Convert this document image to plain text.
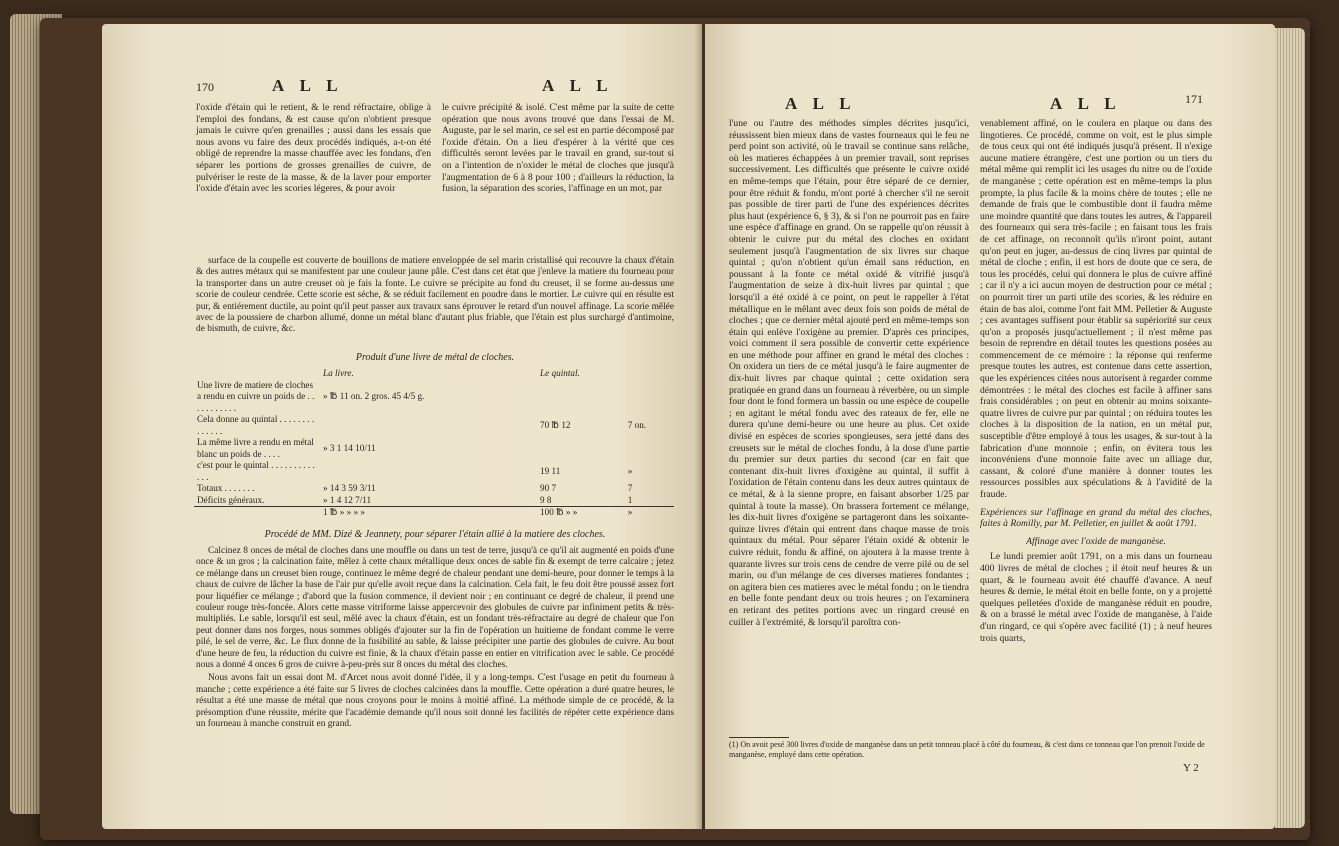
170	A L L	A L L

l'oxide d'étain qui le retient, & le rend réfractaire, oblige à l'emploi des fondans, & est cause qu'on n'obtient presque jamais le cuivre qu'en grenailles ; aussi dans les essais que nous avons vu faire des deux procédés indiqués, a-t-on été obligé de reprendre la masse chauffée avec les fondans, d'en séparer les portions de grosses grenailles de cuivre, de pulvériser le reste de la masse, & de la laver pour emporter l'oxide d'étain avec les scories légeres, & pour avoir

le cuivre précipité & isolé. C'est même par la suite de cette opération que nous avons trouvé que dans l'essai de M. Auguste, par le sel marin, ce sel est en partie décomposé par l'oxide d'étain. On a lieu d'espérer à la vérité que ces difficultés seront levées par le travail en grand, sur-tout si on a l'intention de n'oxider le métal de cloches que jusqu'à l'augmentation de 6 à 8 pour 100 ; d'ailleurs la réduction, la fusion, la séparation des scories, l'affinage en un mot, par

surface de la coupelle est couverte de bouillons de matiere enveloppée de sel marin cristallisé qui recouvre la chaux d'étain & des autres métaux qui se manifestent par une couleur jaune pâle. C'est dans cet état que j'enleve la matiere du fourneau pour la transporter dans un autre creuset où je fais la fonte. Le cuivre se précipite au fond du creuset, il se forme au-dessus une scorie de couleur cendrée. Cette scorie est séche, & se réduit facilement en poudre dans le mortier. Le cuivre qui en résulte est pur, & entiérement ductile, au point qu'il peut passer aux travaux sans éprouver le retard d'un nouvel affinage. La scorie mêlée avec de la poussiere de charbon allumé, donne un métal blanc d'autant plus friable, que l'étain est plus surchargé d'antimoine, de bismuth, de cuivre, &c.

Produit d'une livre de métal de cloches.
	La livre.	Le quintal.	
Une livre de matiere de cloches a rendu en cuivre un poids de . . . . . . . . . . .	» ℔ 11 on. 2 gros. 45 4/5 g.		
Cela donne au quintal . . . . . . . . . . . . . .		70 ℔ 12	7 on.
La même livre a rendu en métal blanc un poids de . . . .	» 3 1 14 10/11		
c'est pour le quintal . . . . . . . . . . . . .		19 11	»
Totaux . . . . . . .	» 14 3 59 3/11	90 7	7
Déficits généraux.	» 1 4 12 7/11	9 8	1
	1 ℔ » » » »	100 ℔ » »	»
Procédé de MM. Dizé & Jeannety, pour séparer l'étain allié à la matiere des cloches.

Calcinez 8 onces de métal de cloches dans une mouffle ou dans un test de terre, jusqu'à ce qu'il ait augmenté en poids d'une once & un gros ; la calcination faite, mêlez à cette chaux métallique deux onces de sable fin & exempt de terre calcaire ; jetez ce mélange dans un creuset bien rouge, continuez le même degré de chaleur pendant une demi-heure, pour donner le temps à la chaux de cuivre de lâcher la base de l'air pur qu'elle avoit reçue dans la calcination. Cela fait, le feu doit être poussé assez fort pour liquéfier ce mélange ; d'abord que la fusion commence, il devient noir ; en continuant ce degré de chaleur, il prend une couleur rouge très-foncée. Alors cette masse vitriforme laisse appercevoir des globules de cuivre par infiniment petits & très-multipliés. Le sable, lorsqu'il est seul, mêlé avec la chaux d'étain, est un fondant très-réfractaire au degré de chaleur que l'on peut donner dans nos forges, nous sommes obligés d'ajouter sur la fin de l'opération un huitieme de fondant comme le verre pilé, le sel de verre, &c. Le flux donne de la fusibilité au sable, & laisse précipiter une partie des globules de cuivre. Au bout d'une heure de feu, la réduction du cuivre est finie, & la chaux d'étain passe en entier en vitrification avec le sable. Ce procédé nous a donné 4 onces 6 gros de cuivre à-peu-près sur 8 onces du métal des cloches.

Nous avons fait un essai dont M. d'Arcet nous avoit donné l'idée, il y a long-temps. C'est l'usage en petit du fourneau à manche ; cette expérience a été faite sur 5 livres de cloches calcinées dans la mouffle. Cette opération a duré quatre heures, le résultat a été une masse de métal que nous croyons pour le moins à moitié affiné. La méthode simple de ce procédé, & la présomption d'une réussite, mérite que l'académie demande qu'il nous soit donné les facilités de répéter cette expérience dans un fourneau à manche construit en grand.

A L L	A L L	171

l'une ou l'autre des méthodes simples décrites jusqu'ici, réussissent bien mieux dans de vastes fourneaux qui le feu ne perd point son activité, où le travail se continue sans relâche, où les matieres échappées à un premier travail, sont reprises successivement. Les difficultés que présente le cuivre oxidé en même-temps que l'étain, pour être séparé de ce dernier, pour être réduit & fondu, m'ont porté à chercher s'il ne seroit pas possible de tirer parti de l'une des expériences décrites plus haut (expérience 6, § 3), & si l'on ne pourroit pas en faire une espèce d'affinage en grand. On se rappelle qu'on réussit à obtenir le cuivre pur du métal des cloches en oxidant seulement jusqu'à l'augmentation de six livres sur chaque quintal ; qu'on n'obtient qu'un émail sans réduction, en poussant à la fonte ce métal oxidé & vitrifié jusqu'à l'augmentation de seize à dix-huit livres par quintal ; que lorsqu'il a été oxidé à ce point, on peut le rappeller à l'état métallique en le mêlant avec deux fois son poids de métal de cloches ; que ce dernier métal ajouté perd en même-temps son étain qui enlève l'oxigène au premier. D'après ces principes, voici comment il sera possible de convertir cette expérience en une méthode pour affiner en grand le métal des cloches : On oxidera un tiers de ce métal jusqu'à le faire augmenter de dix-huit livres par chaque quintal ; cette oxidation sera pratiquée en grand dans un fourneau à réverbère, ou un simple four dont le fond formera un bassin ou une espèce de coupelle ; en agitant le métal fondu avec des rateaux de fer, elle ne durera qu'une demi-heure ou une heure au plus. Cet oxide divisé en espèces de scories spongieuses, sera jetté dans des creusets sur le métal de cloches fondu, à la dose d'une partie du premier sur deux parties du second (car en fait que contenant dix-huit livres d'oxigène au quintal, il suffit à l'oxidation de l'étain contenu dans les deux autres quintaux de ce métal, & à la sienne propre, en faisant absorber 1/25 par quintal à toute la masse). On brassera fortement ce mélange, les dix-huit livres d'oxigène se partageront dans les soixante-quinze livres d'étain qui entrent dans chaque masse de trois quintaux du métal. Pour séparer l'étain oxidé & obtenir le cuivre réduit, fondu & affiné, on ajoutera à la masse trente à quarante livres sur trois cens de cendre de verre pilé ou de sel marin, ou d'un mélange de ces diverses matieres fondantes ; on agitera bien ces matieres avec le métal fondu ; on le tiendra en belle fonte pendant deux ou trois heures ; on l'examinera en retirant des petites portions avec un ringard creusé en cuiller à l'extrémité, & lorsqu'il paroîtra con-

venablement affiné, on le coulera en plaque ou dans des lingotieres. Ce procédé, comme on voit, est le plus simple de tous ceux qui ont été indiqués jusqu'à présent. Il n'exige aucune matiere étrangère, c'est une portion ou un tiers du métal même qui remplit ici les usages du nitre ou de l'oxide de manganèse ; cette opération est en même-temps la plus prompte, la plus facile & la moins chère de toutes ; elle ne demande de frais que le combustible dont il faudra même une moindre quantité que dans toutes les autres, & l'appareil des fourneaux qui sera très-facile ; en faisant tous les frais de cet affinage, on reconnoît qu'ils n'iront point, autant qu'on peut en juger, au-dessus de cinq livres par quintal de métal de cloche ; enfin, il est hors de doute que ce sera, de tous les procédés, celui qui donnera le plus de cuivre affiné ; car il n'y a ici aucun moyen de destruction pour ce métal ; on pourroit tirer un parti utile des scories, & les réduire en étain de bas aloi, comme l'ont fait MM. Pelletier & Auguste ; ces avantages suffisent pour établir sa supériorité sur ceux qu'on a proposés jusqu'actuellement ; il n'est même pas besoin de reprendre en détail toutes les questions posées au commencement de ce mémoire : la réponse qui renferme presque toutes les autres, est contenue dans cette assertion, que les expériences citées nous autorisent à regarder comme démontrées : le métal des cloches est facile à affiner sans frais considérables ; on peut en obtenir au moins soixante-quatre livres de cuivre pur par quintal ; on réduira toutes les cloches à la disposition de la nation, en un métal pur, susceptible d'être employé à tous les usages, & sur-tout à la fabrication d'une monnoie ; enfin, on évitera tous les inconvéniens d'une monnoie faite avec un alliage dur, cassant, & coloré d'une manière à donner toutes les ressources possibles aux spéculations & à l'avidité de la fraude.

Expériences sur l'affinage en grand du métal des cloches, faites à Romilly, par M. Pelletier, en juillet & août 1791.

Affinage avec l'oxide de manganèse.

Le lundi premier août 1791, on a mis dans un fourneau 400 livres de métal de cloches ; il étoit neuf heures & un quart, & le fourneau avoit été chauffé d'avance. A neuf heures & demie, le métal étoit en belle fonte, on y a projetté quelques pelletées d'oxide de manganèse réduit en poudre, & on a brassé le métal avec l'oxide de manganèse, à l'aide d'un ringard, ce qui s'opère avec facilité (1) ; à neuf heures trois quarts,

(1) On avoit pesé 300 livres d'oxide de manganèse dans un petit tonneau placé à côté du fourneau, & c'est dans ce tonneau que l'on prenoit l'oxide de manganèse, employé dans cette opération.
Y 2
